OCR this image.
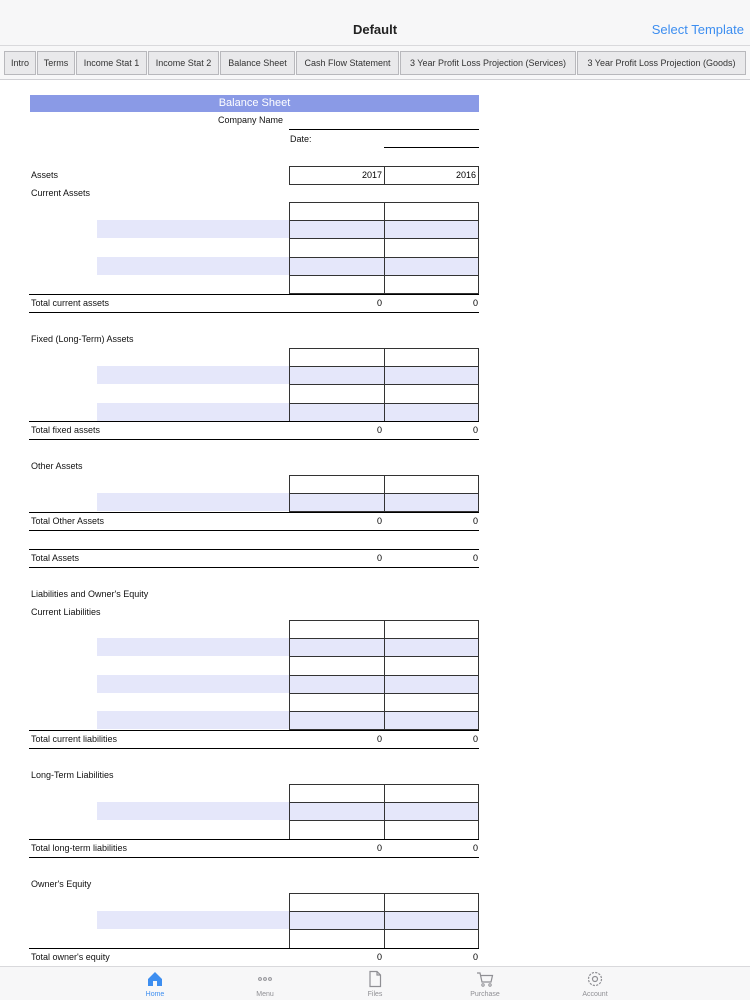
Default	Select Template
Intro	Terms	Income Stat 1	Income Stat 2	Balance Sheet	Cash Flow Statement	3 Year Profit Loss Projection (Services)	3 Year Profit Loss Projection (Goods)
Balance Sheet
Company Name
Date:
Assets	2017	2016
Current Assets
Total current assets	0	0
Fixed (Long-Term) Assets
Total fixed assets	0	0
Other Assets
Total Other Assets	0	0
Total Assets	0	0
Liabilities and Owner's Equity
Current Liabilities
Total current liabilities	0	0
Long-Term Liabilities
Total long-term liabilities	0	0
Owner's Equity
Total owner's equity	0	0
Home	Menu	Files	Purchase	Account
